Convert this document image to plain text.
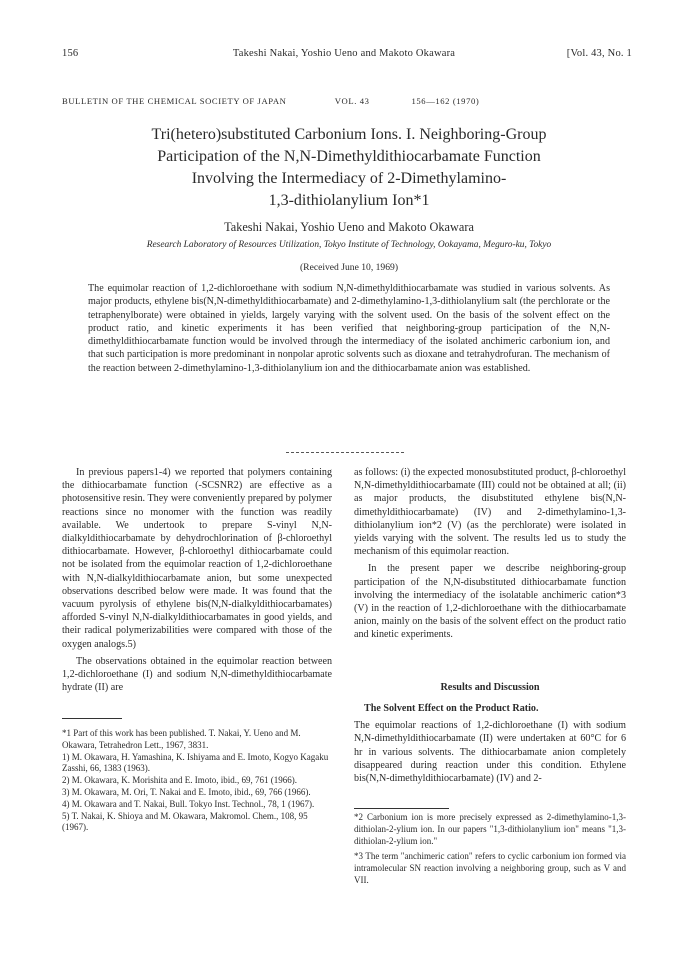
156	Takeshi Nakai, Yoshio Ueno and Makoto Okawara	[Vol. 43, No. 1
BULLETIN OF THE CHEMICAL SOCIETY OF JAPAN	VOL. 43	156—162 (1970)
Tri(hetero)substituted Carbonium Ions. I. Neighboring-Group
Participation of the N,N-Dimethyldithiocarbamate Function
Involving the Intermediacy of 2-Dimethylamino-
1,3-dithiolanylium Ion*1
Takeshi Nakai, Yoshio Ueno and Makoto Okawara
Research Laboratory of Resources Utilization, Tokyo Institute of Technology, Ookayama, Meguro-ku, Tokyo
(Received June 10, 1969)
The equimolar reaction of 1,2-dichloroethane with sodium N,N-dimethyldithiocarbamate was studied in various solvents. As major products, ethylene bis(N,N-dimethyldithiocarbamate) and 2-dimethylamino-1,3-dithiolanylium salt (the perchlorate or the tetraphenylborate) were obtained in yields, largely varying with the solvent used. On the basis of the solvent effect on the product ratio, and kinetic experiments it has been verified that neighboring-group participation of the N,N-dimethyldithiocarbamate function would be involved through the intermediacy of the isolated anchimeric carbonium ion, and that such participation is more predominant in nonpolar aprotic solvents such as dioxane and tetrahydrofuran. The mechanism of the reaction between 2-dimethylamino-1,3-dithiolanylium ion and the dithiocarbamate anion was established.

In previous papers1-4) we reported that polymers containing the dithiocarbamate function (-SCSNR2) are effective as a photosensitive resin. They were conveniently prepared by polymer reactions since no monomer with the function was readily available. We undertook to prepare S-vinyl N,N-dialkyldithiocarbamate by dehydrochlorination of β-chloroethyl dithiocarbamate. However, β-chloroethyl dithiocarbamate could not be isolated from the equimolar reaction of 1,2-dichloroethane with N,N-dialkyldithiocarbamate anion, but some unexpected observations described below were made. It was found that the vacuum pyrolysis of ethylene bis(N,N-dialkyldithiocarbamates) afforded S-vinyl N,N-dialkyldithiocarbamates in good yields, and their radical polymerizabilities were compared with those of the oxygen analogs.5)

The observations obtained in the equimolar reaction between 1,2-dichloroethane (I) and sodium N,N-dimethyldithiocarbamate hydrate (II) are

*1 Part of this work has been published. T. Nakai, Y. Ueno and M. Okawara, Tetrahedron Lett., 1967, 3831.
1) M. Okawara, H. Yamashina, K. Ishiyama and E. Imoto, Kogyo Kagaku Zasshi, 66, 1383 (1963).
2) M. Okawara, K. Morishita and E. Imoto, ibid., 69, 761 (1966).
3) M. Okawara, M. Ori, T. Nakai and E. Imoto, ibid., 69, 766 (1966).
4) M. Okawara and T. Nakai, Bull. Tokyo Inst. Technol., 78, 1 (1967).
5) T. Nakai, K. Shioya and M. Okawara, Makromol. Chem., 108, 95 (1967).

as follows: (i) the expected monosubstituted product, β-chloroethyl N,N-dimethyldithiocarbamate (III) could not be obtained at all; (ii) as major products, the disubstituted ethylene bis(N,N-dimethyldithiocarbamate) (IV) and 2-dimethylamino-1,3-dithiolanylium ion*2 (V) (as the perchlorate) were isolated in yields varying with the solvent. The results led us to study the mechanism of this equimolar reaction.

In the present paper we describe neighboring-group participation of the N,N-disubstituted dithiocarbamate function involving the intermediacy of the isolatable anchimeric cation*3 (V) in the reaction of 1,2-dichloroethane with the dithiocarbamate anion, mainly on the basis of the solvent effect on the product ratio and kinetic experiments.

Results and Discussion

The Solvent Effect on the Product Ratio.

The equimolar reactions of 1,2-dichloroethane (I) with sodium N,N-dimethyldithiocarbamate (II) were undertaken at 60°C for 6 hr in various solvents. The dithiocarbamate anion completely disappeared during reaction under this condition. Ethylene bis(N,N-dimethyldithiocarbamate) (IV) and 2-

*2 Carbonium ion is more precisely expressed as 2-dimethylamino-1,3-dithiolan-2-ylium ion. In our papers "1,3-dithiolanylium ion" means "1,3-dithiolan-2-ylium ion."
*3 The term "anchimeric cation" refers to cyclic carbonium ion formed via intramolecular SN reaction involving a neighboring group, such as V and VII.
